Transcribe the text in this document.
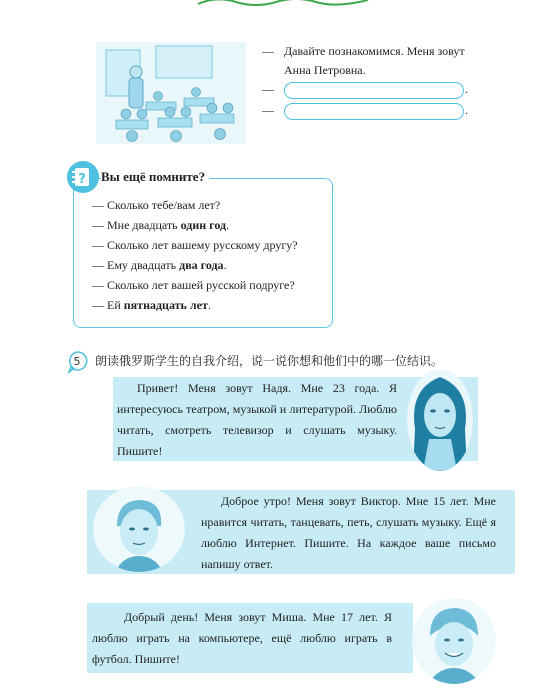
— Давайте познакомимся. Меня зовут
Анна Петровна.
—	.
—	.
? Вы ещё помните?
— Сколько тебе/вам лет?
— Мне двадцать один год.
— Сколько лет вашему русскому другу?
— Ему двадцать два года.
— Сколько лет вашей русской подруге?
— Ей пятнадцать лет.
5 朗读俄罗斯学生的自我介绍，说一说你想和他们中的哪一位结识。
Привет! Меня зовут Надя. Мне 23 года. Я интересуюсь театром, музыкой и литературой. Люблю читать, смотреть телевизор и слушать музыку. Пишите!
Доброе утро! Меня зовут Виктор. Мне 15 лет. Мне нравится читать, танцевать, петь, слушать музыку. Ещё я люблю Интернет. Пишите. На каждое ваше письмо напишу ответ.
Добрый день! Меня зовут Миша. Мне 17 лет. Я люблю играть на компьютере, ещё люблю играть в футбол. Пишите!
